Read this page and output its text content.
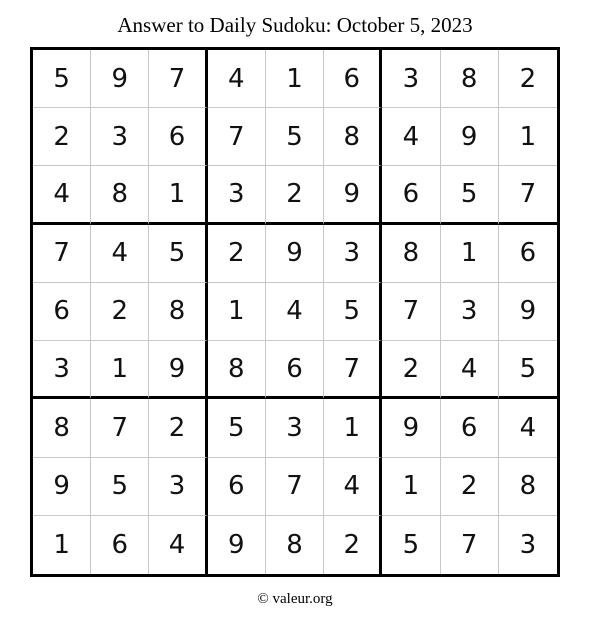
Answer to Daily Sudoku: October 5, 2023
5	9	7	4	1	6	3	8	2
2	3	6	7	5	8	4	9	1
4	8	1	3	2	9	6	5	7
7	4	5	2	9	3	8	1	6
6	2	8	1	4	5	7	3	9
3	1	9	8	6	7	2	4	5
8	7	2	5	3	1	9	6	4
9	5	3	6	7	4	1	2	8
1	6	4	9	8	2	5	7	3
© valeur.org
